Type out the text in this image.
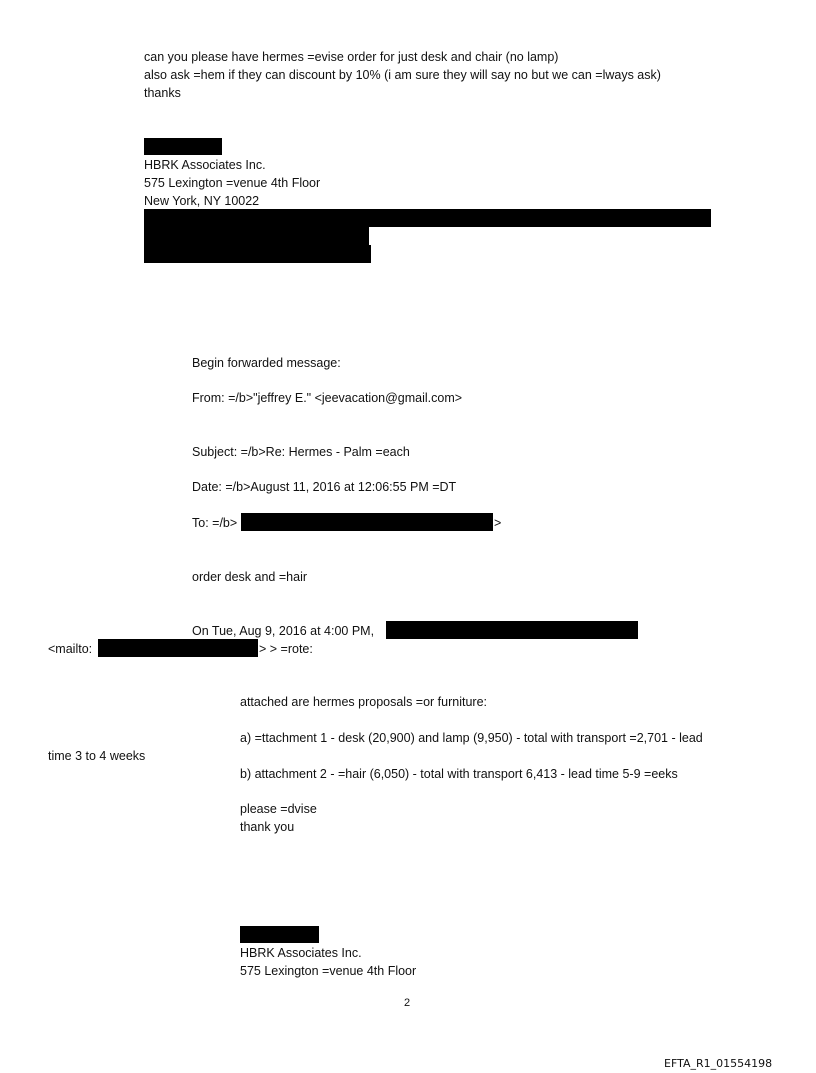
can you please have hermes =evise order for just desk and chair (no lamp)
also ask =hem if they can discount by 10% (i am sure they will say no but we can =lways ask)
thanks
HBRK Associates Inc.
575 Lexington =venue 4th Floor
New York, NY 10022
Begin forwarded message:
From: =/b>"jeffrey E." <jeevacation@gmail.com>
Subject: =/b>Re: Hermes - Palm =each
Date: =/b>August 11, 2016 at 12:06:55 PM =DT
To: =/b>	>
order desk and =hair
On Tue, Aug 9, 2016 at 4:00 PM,
<mailto:	> > =rote:
attached are hermes proposals =or furniture:
a) =ttachment 1 - desk (20,900) and lamp (9,950) - total with transport =2,701 - lead
time 3 to 4 weeks
b) attachment 2 - =hair (6,050) - total with transport 6,413 - lead time 5-9 =eeks
please =dvise
thank you
HBRK Associates Inc.
575 Lexington =venue 4th Floor
2
EFTA_R1_01554198
